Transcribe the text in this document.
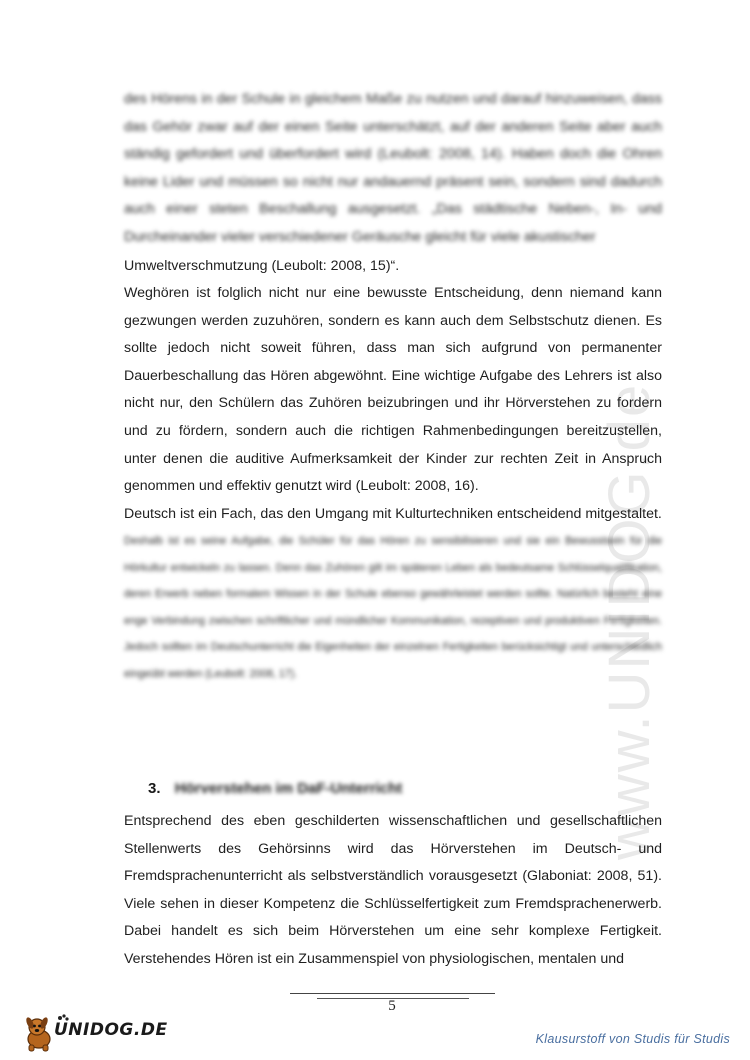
www.UNIDOG.de

des Hörens in der Schule in gleichem Maße zu nutzen und darauf hinzuweisen, dass das Gehör zwar auf der einen Seite unterschätzt, auf der anderen Seite aber auch ständig gefordert und überfordert wird (Leubolt: 2008, 14). Haben doch die Ohren keine Lider und müssen so nicht nur andauernd präsent sein, sondern sind dadurch auch einer steten Beschallung ausgesetzt. „Das städtische Neben-, In- und Durcheinander vieler verschiedener Geräusche gleicht für viele akustischer

Umweltverschmutzung (Leubolt: 2008, 15)“.

Weghören ist folglich nicht nur eine bewusste Entscheidung, denn niemand kann gezwungen werden zuzuhören, sondern es kann auch dem Selbstschutz dienen. Es sollte jedoch nicht soweit führen, dass man sich aufgrund von permanenter Dauerbeschallung das Hören abgewöhnt. Eine wichtige Aufgabe des Lehrers ist also nicht nur, den Schülern das Zuhören beizubringen und ihr Hörverstehen zu fordern und zu fördern, sondern auch die richtigen Rahmenbedingungen bereitzustellen, unter denen die auditive Aufmerksamkeit der Kinder zur rechten Zeit in Anspruch genommen und effektiv genutzt wird (Leubolt: 2008, 16).

Deutsch ist ein Fach, das den Umgang mit Kulturtechniken entscheidend mitgestaltet.

Deshalb ist es seine Aufgabe, die Schüler für das Hören zu sensibilisieren und sie ein Bewusstsein für die Hörkultur entwickeln zu lassen. Denn das Zuhören gilt im späteren Leben als bedeutsame Schlüsselqualifikation, deren Erwerb neben formalem Wissen in der Schule ebenso gewährleistet werden sollte. Natürlich besteht eine enge Verbindung zwischen schriftlicher und mündlicher Kommunikation, rezeptiven und produktiven Fertigkeiten. Jedoch sollten im Deutschunterricht die Eigenheiten der einzelnen Fertigkeiten berücksichtigt und unterschiedlich eingeübt werden (Leubolt: 2008, 17).

3. Hörverstehen im DaF-Unterricht

Entsprechend des eben geschilderten wissenschaftlichen und gesellschaftlichen Stellenwerts des Gehörsinns wird das Hörverstehen im Deutsch- und Fremdsprachenunterricht als selbstverständlich vorausgesetzt (Glaboniat: 2008, 51). Viele sehen in dieser Kompetenz die Schlüsselfertigkeit zum Fremdsprachenerwerb. Dabei handelt es sich beim Hörverstehen um eine sehr komplexe Fertigkeit. Verstehendes Hören ist ein Zusammenspiel von physiologischen, mentalen und

5
UNIDOG.DE	Klausurstoff von Studis für Studis
